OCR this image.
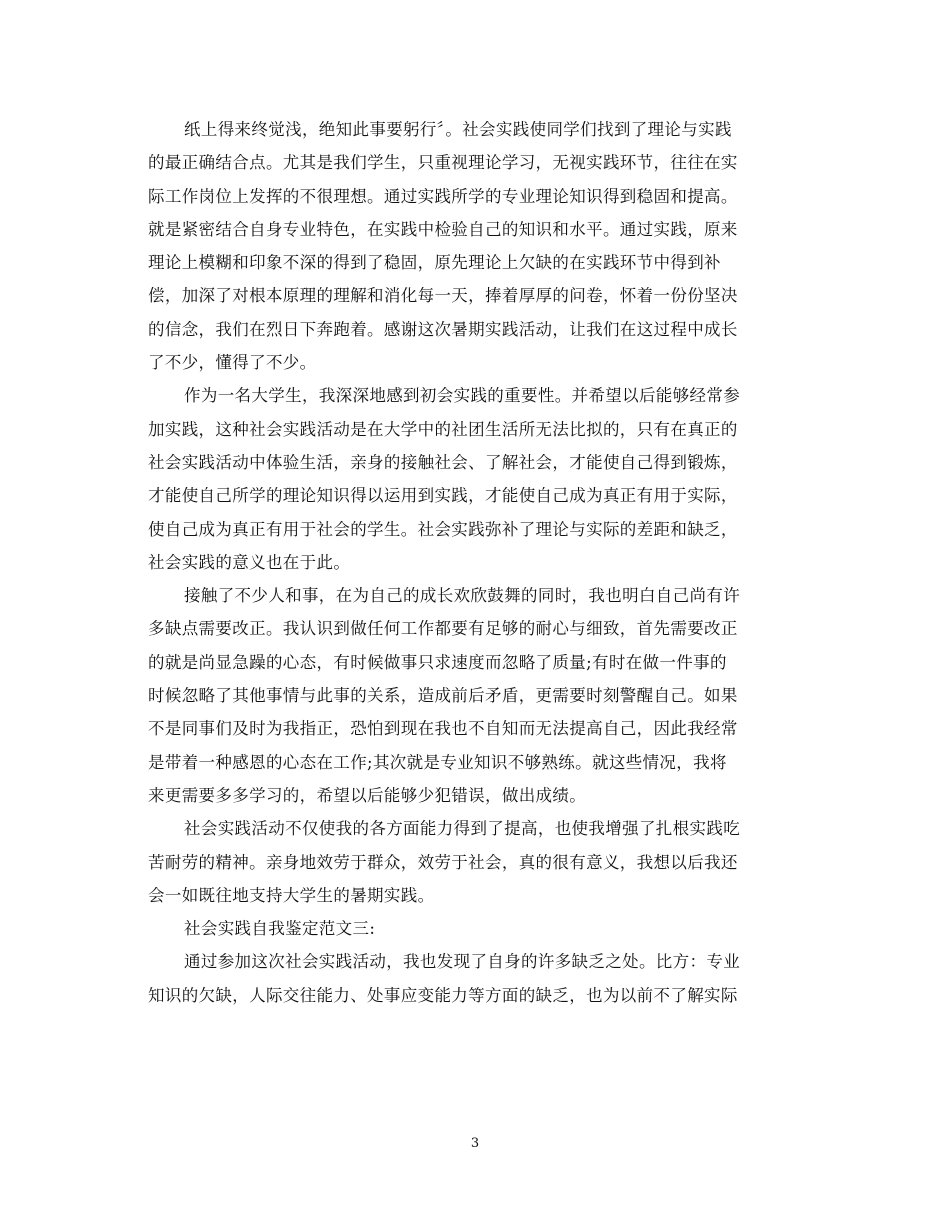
纸上得来终觉浅，绝知此事要躬行〞。社会实践使同学们找到了理论与实践
的最正确结合点。尤其是我们学生，只重视理论学习，无视实践环节，往往在实
际工作岗位上发挥的不很理想。通过实践所学的专业理论知识得到稳固和提高。
就是紧密结合自身专业特色，在实践中检验自己的知识和水平。通过实践，原来
理论上模糊和印象不深的得到了稳固，原先理论上欠缺的在实践环节中得到补
偿，加深了对根本原理的理解和消化每一天，捧着厚厚的问卷，怀着一份份坚决
的信念，我们在烈日下奔跑着。感谢这次暑期实践活动，让我们在这过程中成长
了不少，懂得了不少。
作为一名大学生，我深深地感到初会实践的重要性。并希望以后能够经常参
加实践，这种社会实践活动是在大学中的社团生活所无法比拟的，只有在真正的
社会实践活动中体验生活，亲身的接触社会、了解社会，才能使自己得到锻炼，
才能使自己所学的理论知识得以运用到实践，才能使自己成为真正有用于实际，
使自己成为真正有用于社会的学生。社会实践弥补了理论与实际的差距和缺乏，
社会实践的意义也在于此。
接触了不少人和事，在为自己的成长欢欣鼓舞的同时，我也明白自己尚有许
多缺点需要改正。我认识到做任何工作都要有足够的耐心与细致，首先需要改正
的就是尚显急躁的心态，有时候做事只求速度而忽略了质量;有时在做一件事的
时候忽略了其他事情与此事的关系，造成前后矛盾，更需要时刻警醒自己。如果
不是同事们及时为我指正，恐怕到现在我也不自知而无法提高自己，因此我经常
是带着一种感恩的心态在工作;其次就是专业知识不够熟练。就这些情况，我将
来更需要多多学习的，希望以后能够少犯错误，做出成绩。
社会实践活动不仅使我的各方面能力得到了提高，也使我增强了扎根实践吃
苦耐劳的精神。亲身地效劳于群众，效劳于社会，真的很有意义，我想以后我还
会一如既往地支持大学生的暑期实践。
社会实践自我鉴定范文三:
通过参加这次社会实践活动，我也发现了自身的许多缺乏之处。比方：专业
知识的欠缺，人际交往能力、处事应变能力等方面的缺乏，也为以前不了解实际
3
